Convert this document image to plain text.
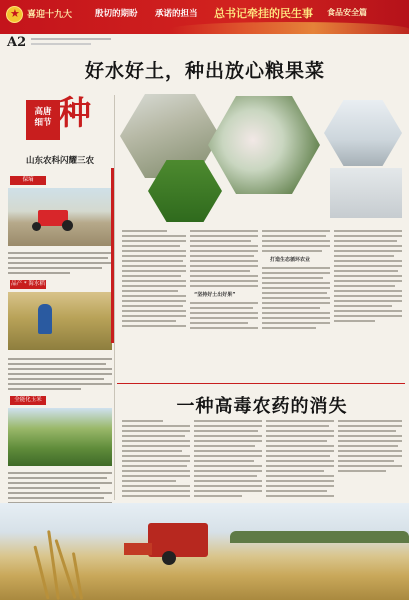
★
喜迎十九大	殷切的期盼 承诺的担当 总书记牵挂的民生事 食品安全篇
A2
好水好土，种出放心粮果菜
高唐
细节 种
山东农科闪耀三农
保墒
品产 * 海水稻
全能化玉米
“坚持好土出好果”
打造生态循环农业
一种高毒农药的消失
